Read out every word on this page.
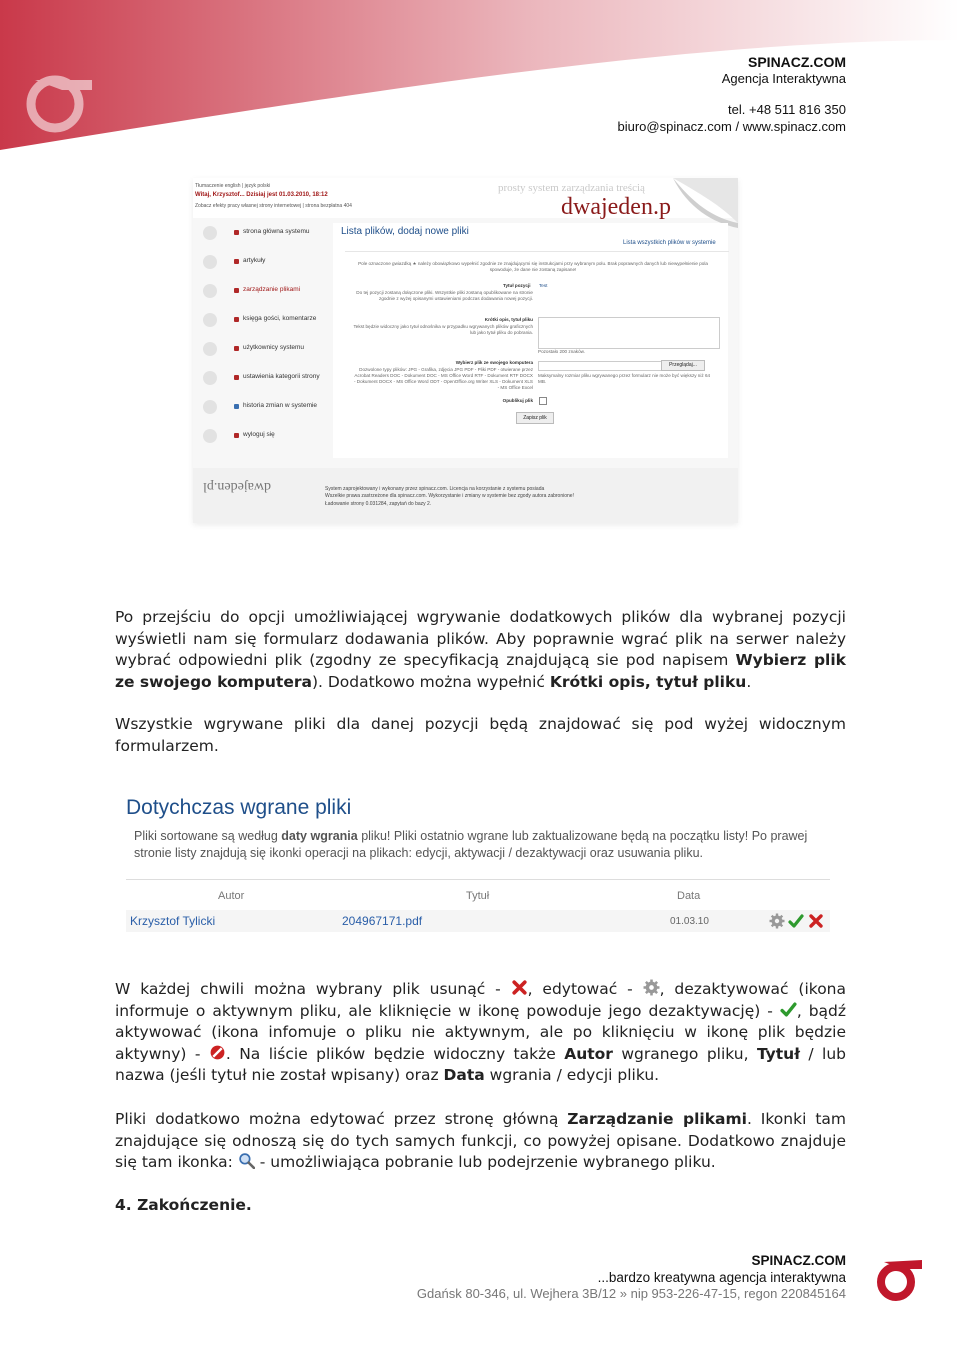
SPINACZ.COM
Agencja Interaktywna
tel. +48 511 816 350
biuro@spinacz.com / www.spinacz.com
Tłumaczenie english | język polski
Witaj, Krzysztof... Dzisiaj jest 01.03.2010, 18:12
Zobacz efekty pracy własnej strony internetowej | strona bezpłatna 404
prosty system zarządzania treścią
dwajeden.p
strona główna systemu
artykuły
zarządzanie plikami
księga gości, komentarze
użytkownicy systemu
ustawienia kategorii strony
historia zmian w systemie
wyloguj się
Lista plików, dodaj nowe pliki
Lista wszystkich plików w systemie
Pole oznaczone gwiazdką ★ należy obowiązkowo wypełnić zgodnie ze znajdującymi się instrukcjami przy wybranym polu. Brak poprawnych danych lub niewypełnienie pola spowoduje, że dane nie zostaną zapisane!
Tytuł pozycji Test
Do tej pozycji zostaną dołączone pliki. Wszystkie pliki zostaną opublikowane na stronie zgodnie z wyżej opisanymi ustawieniami podczas dodawania nowej pozycji.
Krótki opis, tytuł pliku
Tekst będzie widoczny jako tytuł odnośnika w przypadku wgrywanych plików graficznych lub jako tytuł pliku do pobrania.
Pozostało 200 znaków.
Wybierz plik ze swojego komputera	Przeglądaj...
Dozwolone typy plików: JPG - Grafika, zdjęcia JPG PDF - Pliki PDF - otwierane przez Acrobat Readers DOC - Dokument DOC - MS Office Word RTF - Dokument RTF DOCX - Dokument DOCX - MS Office Word ODT - OpenOffice.org Writer XLS - Dokument XLS - MS Office Excel
Maksymalny rozmiar pliku wgrywanego przez formularz nie może być większy niż 64 MB.
Opublikuj plik
Zapisz plik
System zaprojektowany i wykonany przez spinacz.com. Licencja na korzystanie z systemu posiada
Wszelkie prawa zastrzeżone dla spinacz.com. Wykorzystanie i zmiany w systemie bez zgody autora zabronione!
Ładowanie strony 0.031284, zapytań do bazy 2.
dwajeden.pl
Po przejściu do opcji umożliwiającej wgrywanie dodatkowych plików dla wybranej pozycji wyświetli nam się formularz dodawania plików. Aby poprawnie wgrać plik na serwer należy wybrać odpowiedni plik (zgodny ze specyfikacją znajdującą sie pod napisem Wybierz plik ze swojego komputera). Dodatkowo można wypełnić Krótki opis, tytuł pliku.
Wszystkie wgrywane pliki dla danej pozycji będą znajdować się pod wyżej widocznym formularzem.
Dotychczas wgrane pliki
Pliki sortowane są według daty wgrania pliku! Pliki ostatnio wgrane lub zaktualizowane będą na początku listy! Po prawej stronie listy znajdują się ikonki operacji na plikach: edycji, aktywacji / dezaktywacji oraz usuwania pliku.
Autor	Tytuł	Data
Krzysztof Tylicki	204967171.pdf	01.03.10
W każdej chwili można wybrany plik usunąć - , edytować - , dezaktywować (ikona informuje o aktywnym pliku, ale kliknięcie w ikonę powoduje jego dezaktywację) - , bądź aktywować (ikona infomuje o pliku nie aktywnym, ale po kliknięciu w ikonę plik będzie aktywny) - . Na liście plików będzie widoczny także Autor wgranego pliku, Tytuł / lub nazwa (jeśli tytuł nie został wpisany) oraz Data wgrania / edycji pliku.
Pliki dodatkowo można edytować przez stronę główną Zarządzanie plikami. Ikonki tam znajdujące się odnoszą się do tych samych funkcji, co powyżej opisane. Dodatkowo znajduje się tam ikonka:  - umożliwiająca pobranie lub podejrzenie wybranego pliku.
4. Zakończenie.
SPINACZ.COM
...bardzo kreatywna agencja interaktywna
Gdańsk 80-346, ul. Wejhera 3B/12 » nip 953-226-47-15, regon 220845164
